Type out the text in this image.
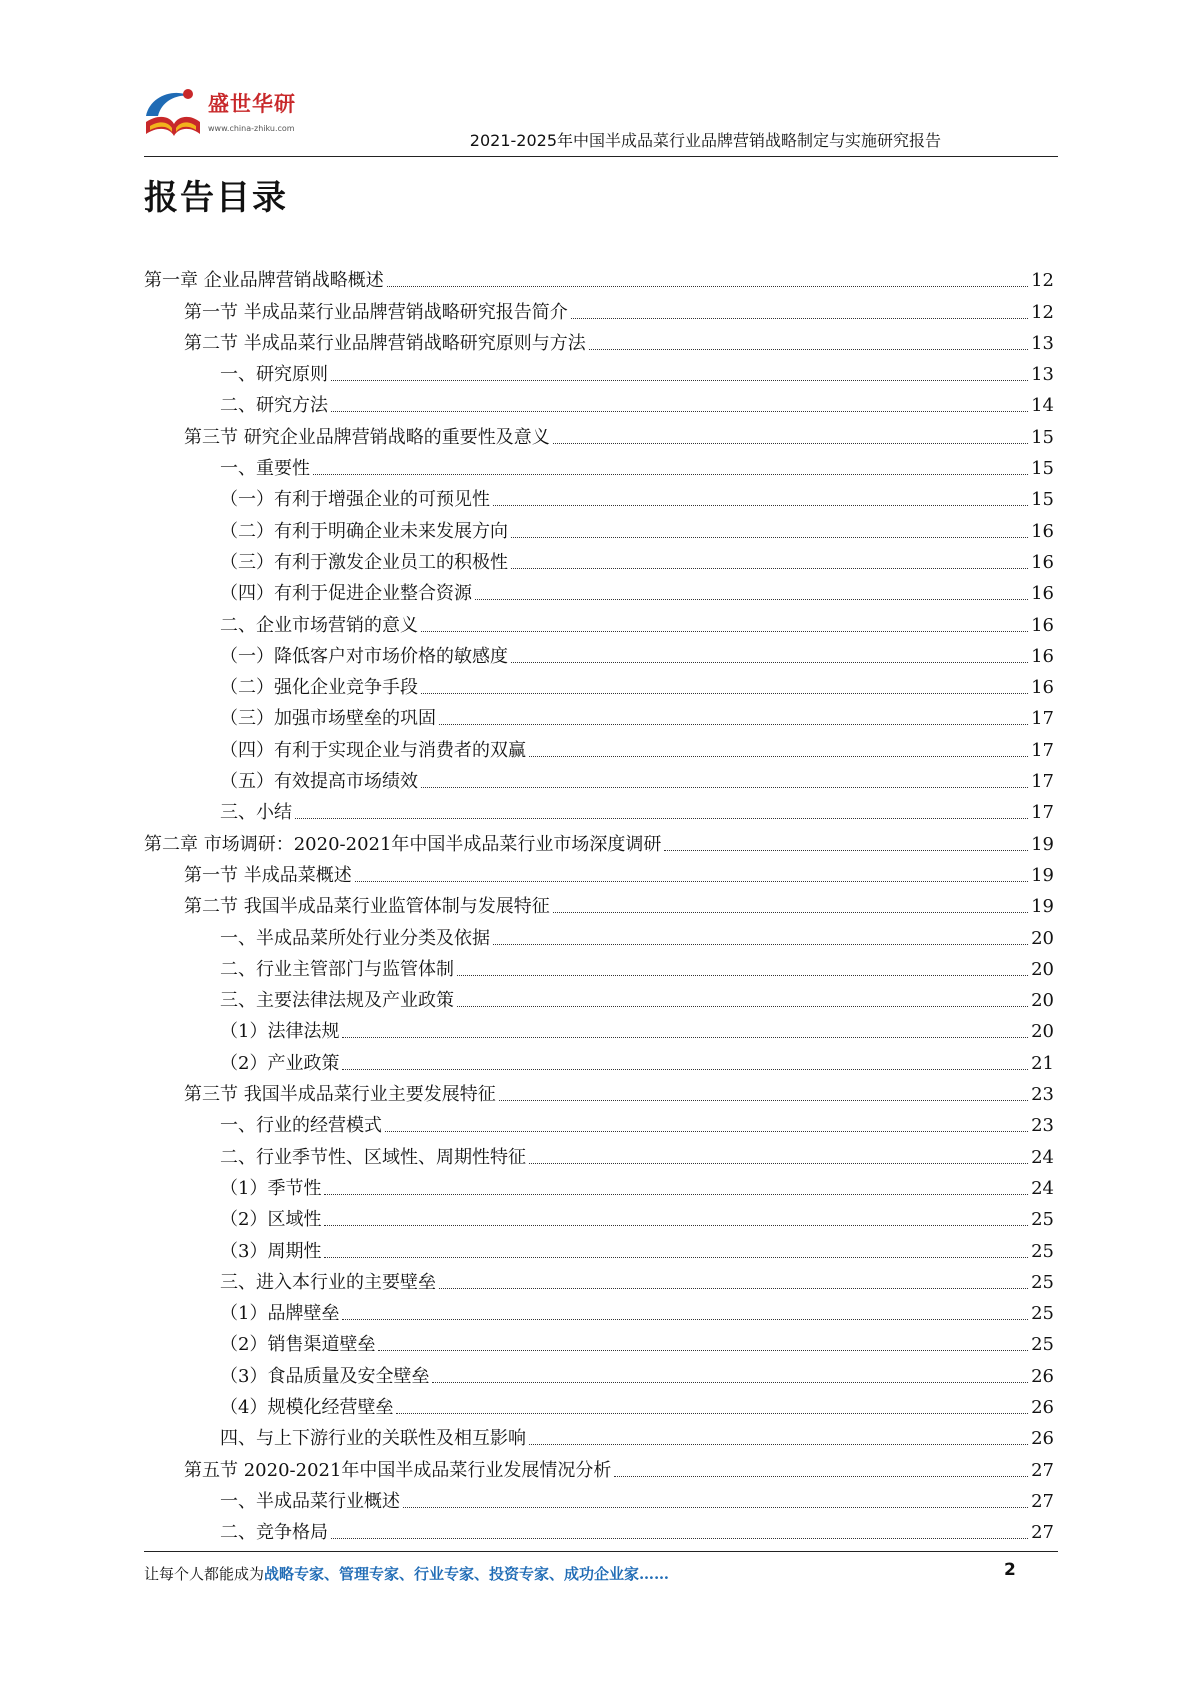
盛世华研
www.china-zhiku.com
2021-2025年中国半成品菜行业品牌营销战略制定与实施研究报告
报告目录
第一章 企业品牌营销战略概述	12
第一节 半成品菜行业品牌营销战略研究报告简介	12
第二节 半成品菜行业品牌营销战略研究原则与方法	13
一、研究原则	13
二、研究方法	14
第三节 研究企业品牌营销战略的重要性及意义	15
一、重要性	15
（一）有利于增强企业的可预见性	15
（二）有利于明确企业未来发展方向	16
（三）有利于激发企业员工的积极性	16
（四）有利于促进企业整合资源	16
二、企业市场营销的意义	16
（一）降低客户对市场价格的敏感度	16
（二）强化企业竞争手段	16
（三）加强市场壁垒的巩固	17
（四）有利于实现企业与消费者的双赢	17
（五）有效提高市场绩效	17
三、小结	17
第二章 市场调研：2020-2021年中国半成品菜行业市场深度调研	19
第一节 半成品菜概述	19
第二节 我国半成品菜行业监管体制与发展特征	19
一、半成品菜所处行业分类及依据	20
二、行业主管部门与监管体制	20
三、主要法律法规及产业政策	20
（1）法律法规	20
（2）产业政策	21
第三节 我国半成品菜行业主要发展特征	23
一、行业的经营模式	23
二、行业季节性、区域性、周期性特征	24
（1）季节性	24
（2）区域性	25
（3）周期性	25
三、进入本行业的主要壁垒	25
（1）品牌壁垒	25
（2）销售渠道壁垒	25
（3）食品质量及安全壁垒	26
（4）规模化经营壁垒	26
四、与上下游行业的关联性及相互影响	26
第五节 2020-2021年中国半成品菜行业发展情况分析	27
一、半成品菜行业概述	27
二、竞争格局	27
让每个人都能成为战略专家、管理专家、行业专家、投资专家、成功企业家……	2
